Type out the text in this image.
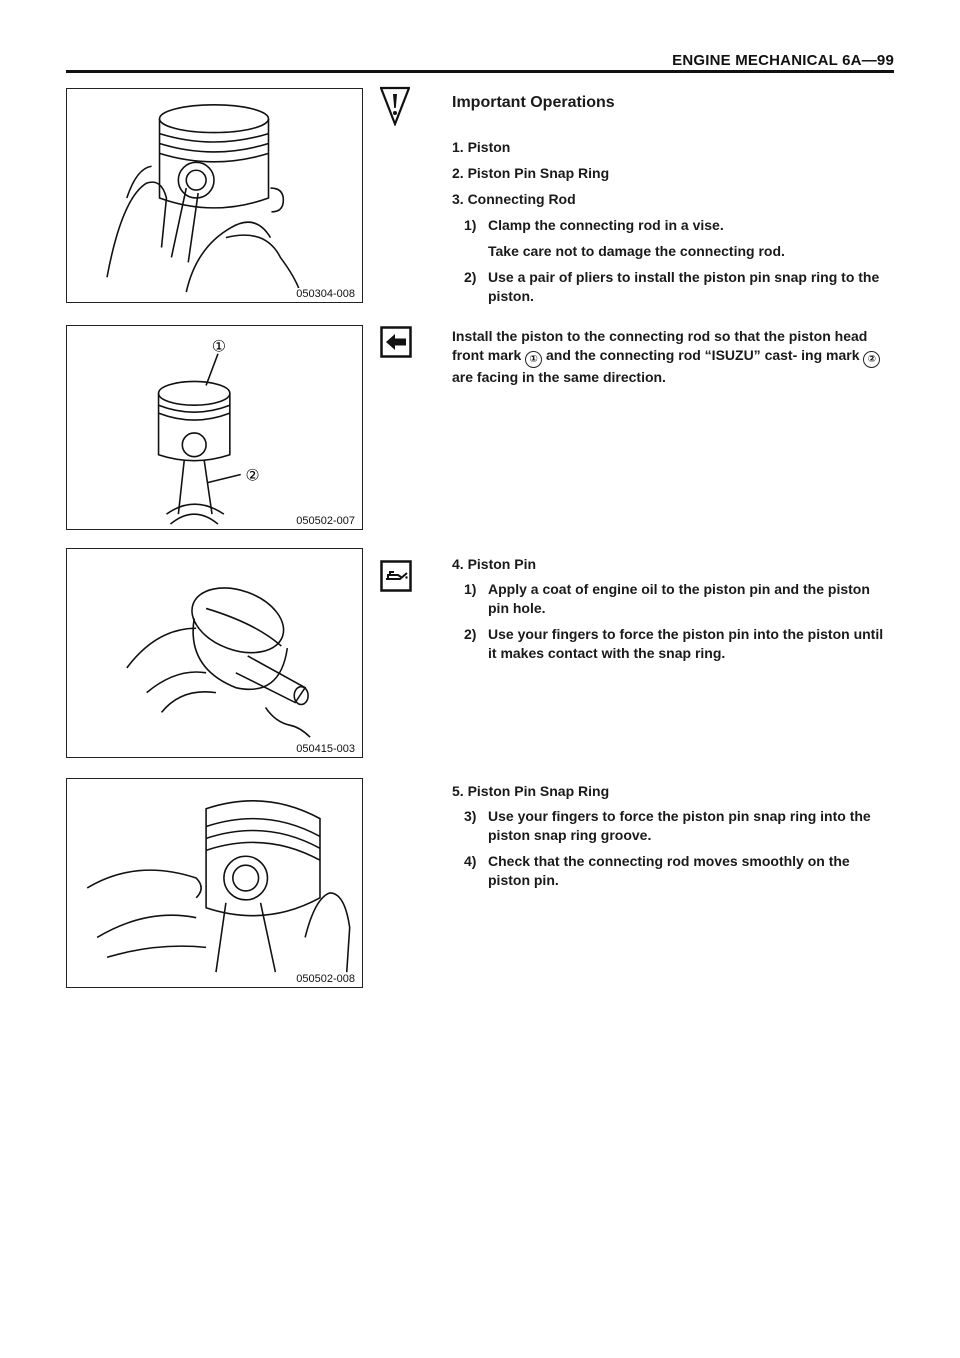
ENGINE MECHANICAL 6A—99
050304-008
①
②
050502-007
050415-003
050502-008

Important Operations

1. Piston

2. Piston Pin Snap Ring

3. Connecting Rod

1) Clamp the connecting rod in a vise.
Take care not to damage the connecting rod.
2) Use a pair of pliers to install the piston pin snap ring to the piston.

Install the piston to the connecting rod so that the piston head front mark ① and the connecting rod “ISUZU” cast- ing mark ② are facing in the same direction.

4. Piston Pin

1) Apply a coat of engine oil to the piston pin and the piston pin hole.
2) Use your fingers to force the piston pin into the piston until it makes contact with the snap ring.

5. Piston Pin Snap Ring

3) Use your fingers to force the piston pin snap ring into the piston snap ring groove.
4) Check that the connecting rod moves smoothly on the piston pin.
